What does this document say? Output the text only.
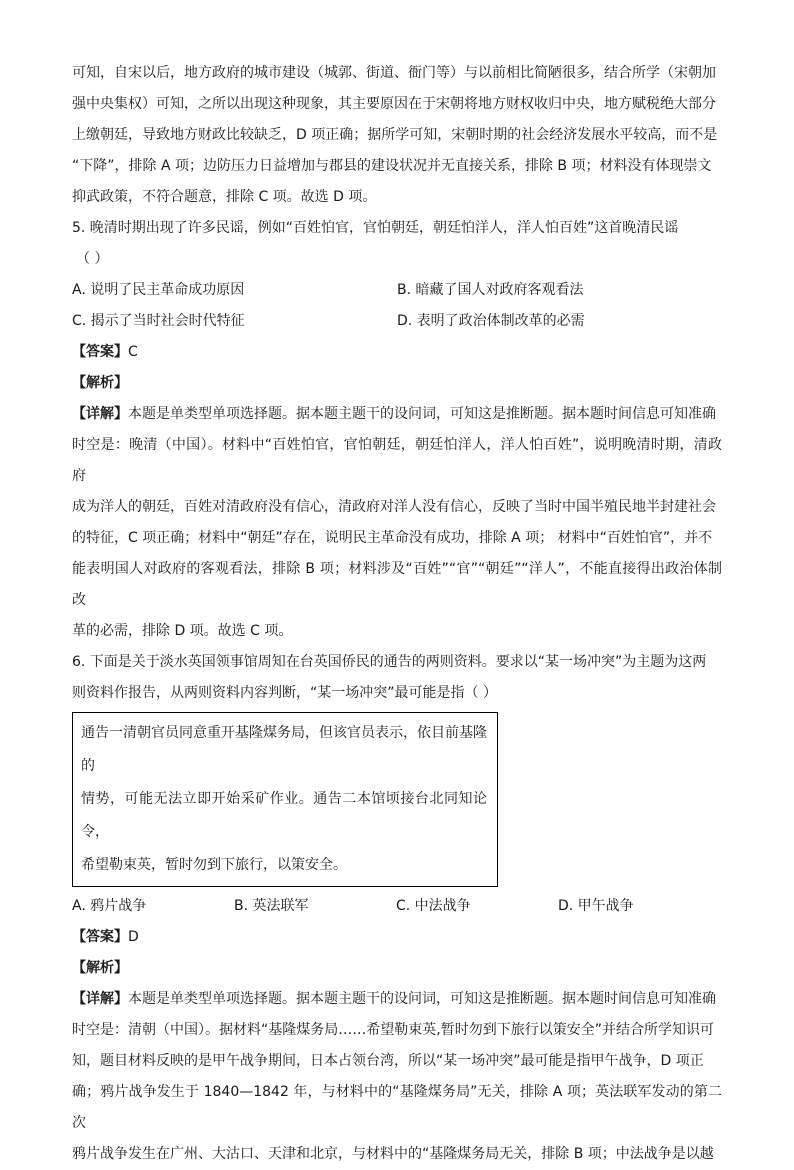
可知，自宋以后，地方政府的城市建设（城郭、街道、衙门等）与以前相比简陋很多，结合所学（宋朝加
强中央集权）可知，之所以出现这种现象，其主要原因在于宋朝将地方财权收归中央，地方赋税绝大部分
上缴朝廷，导致地方财政比较缺乏，D 项正确；据所学可知，宋朝时期的社会经济发展水平较高，而不是
“下降”，排除 A 项；边防压力日益增加与郡县的建设状况并无直接关系，排除 B 项；材料没有体现崇文
抑武政策，不符合题意，排除 C 项。故选 D 项。

5. 晚清时期出现了许多民谣，例如“百姓怕官，官怕朝廷，朝廷怕洋人，洋人怕百姓”这首晚清民谣
（ ）

A. 说明了民主革命成功原因	B. 暗藏了国人对政府客观看法
C. 揭示了当时社会时代特征	D. 表明了政治体制改革的必需

【答案】C

【解析】

【详解】本题是单类型单项选择题。据本题主题干的设问词，可知这是推断题。据本题时间信息可知准确
时空是：晚清（中国）。材料中“百姓怕官，官怕朝廷，朝廷怕洋人，洋人怕百姓”，说明晚清时期，清政府
成为洋人的朝廷，百姓对清政府没有信心，清政府对洋人没有信心，反映了当时中国半殖民地半封建社会
的特征，C 项正确；材料中“朝廷”存在，说明民主革命没有成功，排除 A 项； 材料中“百姓怕官”，并不
能表明国人对政府的客观看法，排除 B 项；材料涉及“百姓”“官”“朝廷”“洋人”，不能直接得出政治体制改
革的必需，排除 D 项。故选 C 项。

6. 下面是关于淡水英国领事馆周知在台英国侨民的通告的两则资料。要求以“某一场冲突”为主题为这两
则资料作报告，从两则资料内容判断，“某一场冲突”最可能是指（ ）

通告一清朝官员同意重开基隆煤务局，但该官员表示，依目前基隆的
情势，可能无法立即开始采矿作业。通告二本馆顷接台北同知论令，
希望勒束英，暂时勿到下旅行，以策安全。

A. 鸦片战争	B. 英法联军	C. 中法战争	D. 甲午战争

【答案】D

【解析】

【详解】本题是单类型单项选择题。据本题主题干的设问词，可知这是推断题。据本题时间信息可知准确
时空是：清朝（中国）。据材料“基隆煤务局……希望勒束英,暂时勿到下旅行以策安全”并结合所学知识可
知，题目材料反映的是甲午战争期间，日本占领台湾，所以“某一场冲突”最可能是指甲午战争，D 项正
确；鸦片战争发生于 1840—1842 年，与材料中的“基隆煤务局”无关，排除 A 项；英法联军发动的第二次
鸦片战争发生在广州、大沽口、天津和北京，与材料中的“基隆煤务局无关，排除 B 项；中法战争是以越
